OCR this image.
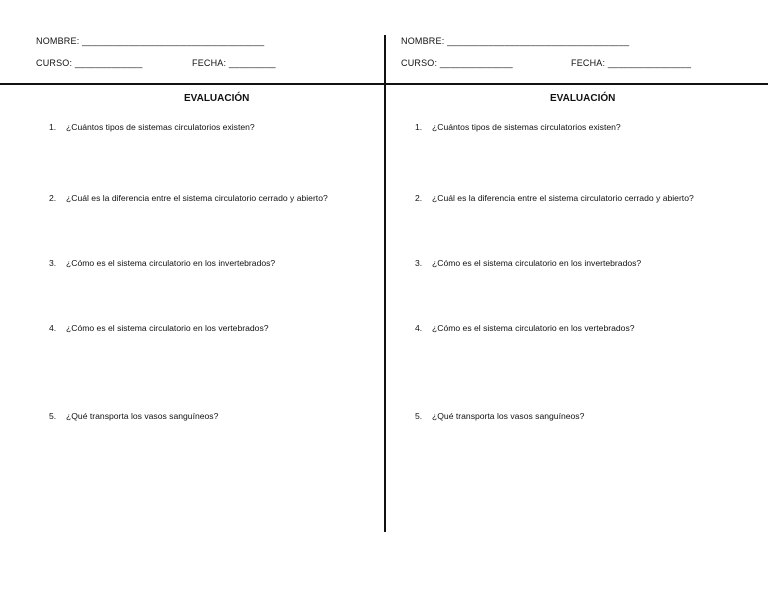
NOMBRE: ___________________________________
CURSO: _____________	FECHA: _________
EVALUACIÓN
1. ¿Cuántos tipos de sistemas circulatorios existen?
2. ¿Cuál es la diferencia entre el sistema circulatorio cerrado y abierto?
3. ¿Cómo es el sistema circulatorio en los invertebrados?
4. ¿Cómo es el sistema circulatorio en los vertebrados?
5. ¿Qué transporta los vasos sanguíneos?
NOMBRE: ___________________________________
CURSO: ______________	FECHA: ________________
EVALUACIÓN
1. ¿Cuántos tipos de sistemas circulatorios existen?
2. ¿Cuál es la diferencia entre el sistema circulatorio cerrado y abierto?
3. ¿Cómo es el sistema circulatorio en los invertebrados?
4. ¿Cómo es el sistema circulatorio en los vertebrados?
5. ¿Qué transporta los vasos sanguíneos?
